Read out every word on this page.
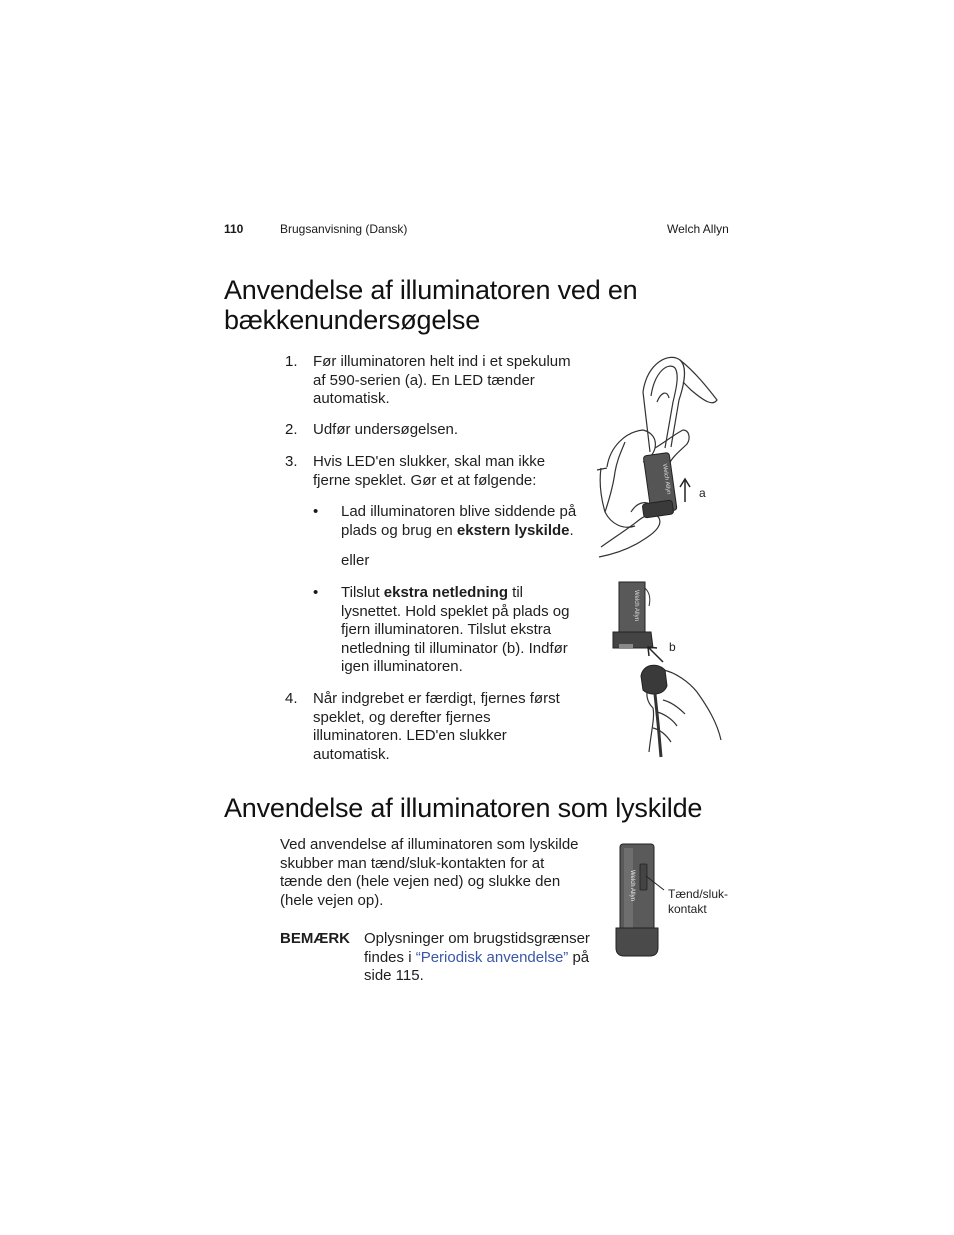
110	Brugsanvisning (Dansk)	Welch Allyn
Anvendelse af illuminatoren ved en
bækkenundersøgelse
1. Før illuminatoren helt ind i et spekulum
af 590-serien (a). En LED tænder
automatisk.
2. Udfør undersøgelsen.
3. Hvis LED'en slukker, skal man ikke
fjerne speklet. Gør et at følgende:
• Lad illuminatoren blive siddende på
plads og brug en ekstern lyskilde.
eller
• Tilslut ekstra netledning til
lysnettet. Hold speklet på plads og
fjern illuminatoren. Tilslut ekstra
netledning til illuminator (b). Indfør
igen illuminatoren.
4. Når indgrebet er færdigt, fjernes først
speklet, og derefter fjernes
illuminatoren. LED'en slukker
automatisk.
Welch Allyn a
Welch Allyn
b
Anvendelse af illuminatoren som lyskilde
Ved anvendelse af illuminatoren som lyskilde
skubber man tænd/sluk-kontakten for at
tænde den (hele vejen ned) og slukke den
(hele vejen op).
BEMÆRK Oplysninger om brugstidsgrænser
findes i “Periodisk anvendelse” på
side 115.
Welch Allyn	Tænd/sluk-
kontakt
